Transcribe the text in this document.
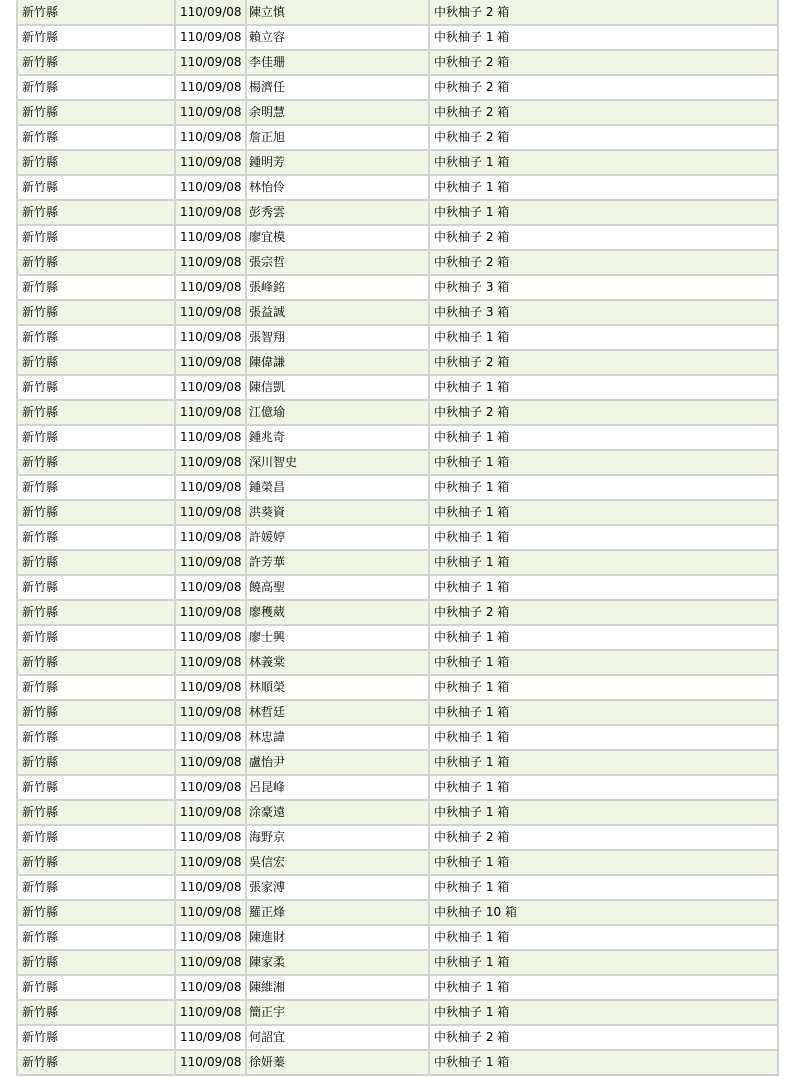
新竹縣	110/09/08	陳立慎	中秋柚子 2 箱
新竹縣	110/09/08	賴立容	中秋柚子 1 箱
新竹縣	110/09/08	李佳珊	中秋柚子 2 箱
新竹縣	110/09/08	楊濟任	中秋柚子 2 箱
新竹縣	110/09/08	余明慧	中秋柚子 2 箱
新竹縣	110/09/08	詹正旭	中秋柚子 2 箱
新竹縣	110/09/08	鍾明芳	中秋柚子 1 箱
新竹縣	110/09/08	林怡伶	中秋柚子 1 箱
新竹縣	110/09/08	彭秀雲	中秋柚子 1 箱
新竹縣	110/09/08	廖宜模	中秋柚子 2 箱
新竹縣	110/09/08	張宗哲	中秋柚子 2 箱
新竹縣	110/09/08	張峰銘	中秋柚子 3 箱
新竹縣	110/09/08	張益誠	中秋柚子 3 箱
新竹縣	110/09/08	張智翔	中秋柚子 1 箱
新竹縣	110/09/08	陳偉謙	中秋柚子 2 箱
新竹縣	110/09/08	陳信凱	中秋柚子 1 箱
新竹縣	110/09/08	江億瑜	中秋柚子 2 箱
新竹縣	110/09/08	鍾兆奇	中秋柚子 1 箱
新竹縣	110/09/08	深川智史	中秋柚子 1 箱
新竹縣	110/09/08	鍾榮昌	中秋柚子 1 箱
新竹縣	110/09/08	洪葵資	中秋柚子 1 箱
新竹縣	110/09/08	許媛婷	中秋柚子 1 箱
新竹縣	110/09/08	許芳華	中秋柚子 1 箱
新竹縣	110/09/08	饒高聖	中秋柚子 1 箱
新竹縣	110/09/08	廖穫葳	中秋柚子 2 箱
新竹縣	110/09/08	廖士興	中秋柚子 1 箱
新竹縣	110/09/08	林義棠	中秋柚子 1 箱
新竹縣	110/09/08	林順榮	中秋柚子 1 箱
新竹縣	110/09/08	林哲廷	中秋柚子 1 箱
新竹縣	110/09/08	林忠諱	中秋柚子 1 箱
新竹縣	110/09/08	盧怡尹	中秋柚子 1 箱
新竹縣	110/09/08	呂昆峰	中秋柚子 1 箱
新竹縣	110/09/08	涂豪遠	中秋柚子 1 箱
新竹縣	110/09/08	海野京	中秋柚子 2 箱
新竹縣	110/09/08	吳信宏	中秋柚子 1 箱
新竹縣	110/09/08	張家溥	中秋柚子 1 箱
新竹縣	110/09/08	羅正烽	中秋柚子 10 箱
新竹縣	110/09/08	陳進財	中秋柚子 1 箱
新竹縣	110/09/08	陳家柔	中秋柚子 1 箱
新竹縣	110/09/08	陳維湘	中秋柚子 1 箱
新竹縣	110/09/08	簡正宇	中秋柚子 1 箱
新竹縣	110/09/08	何詔宜	中秋柚子 2 箱
新竹縣	110/09/08	徐妍蓁	中秋柚子 1 箱
